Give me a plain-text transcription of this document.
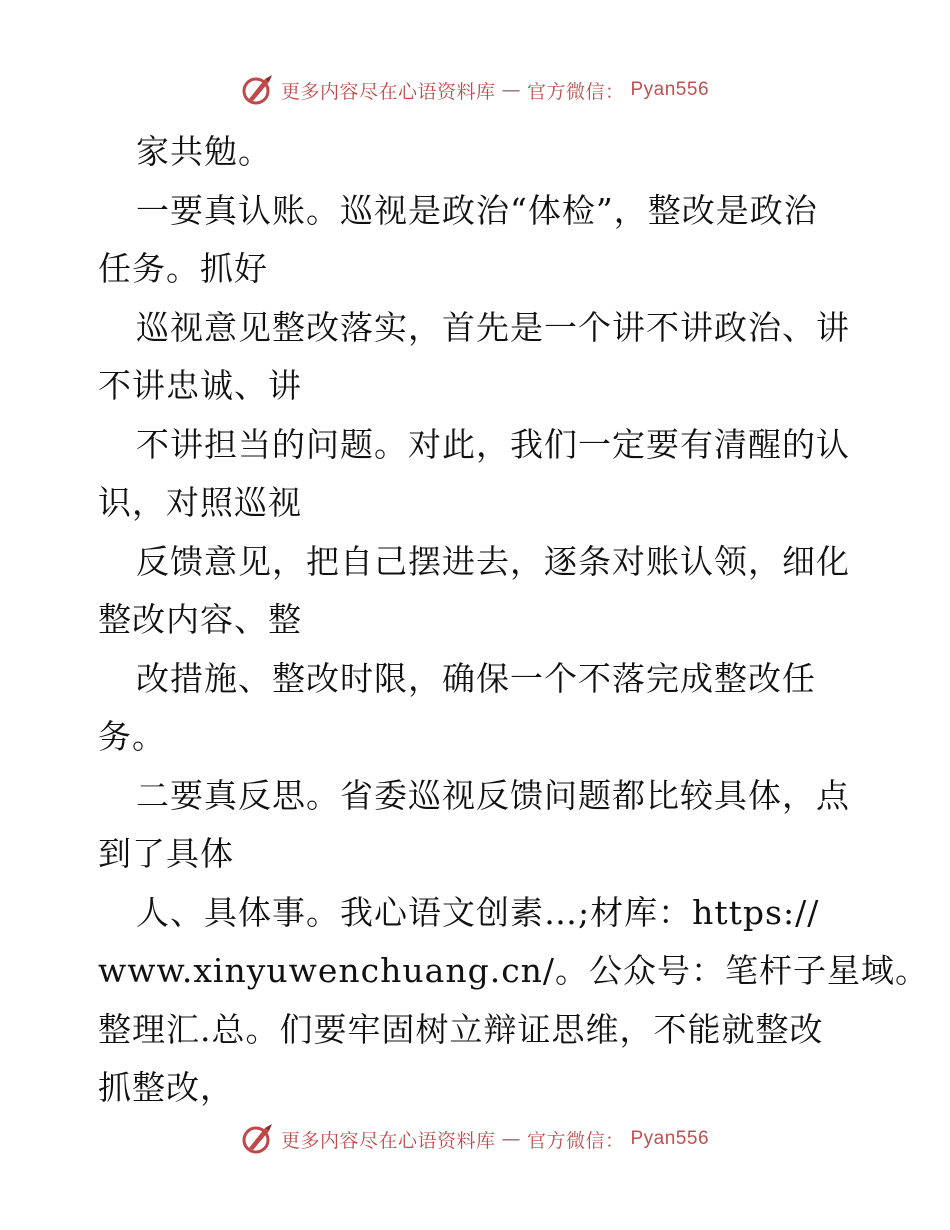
更多内容尽在心语资料库 — 官方微信： Pyan556
家共勉。
一要真认账。巡视是政治“体检”，整改是政治
任务。抓好
巡视意见整改落实，首先是一个讲不讲政治、讲
不讲忠诚、讲
不讲担当的问题。对此，我们一定要有清醒的认
识，对照巡视
反馈意见，把自己摆进去，逐条对账认领，细化
整改内容、整
改措施、整改时限，确保一个不落完成整改任
务。
二要真反思。省委巡视反馈问题都比较具体，点
到了具体
人、具体事。我心语文创素…;材库：https://
www.xinyuwenchuang.cn/。公众号：笔杆子星域。
整理汇.总。们要牢固树立辩证思维，不能就整改
抓整改，
更多内容尽在心语资料库 — 官方微信： Pyan556
